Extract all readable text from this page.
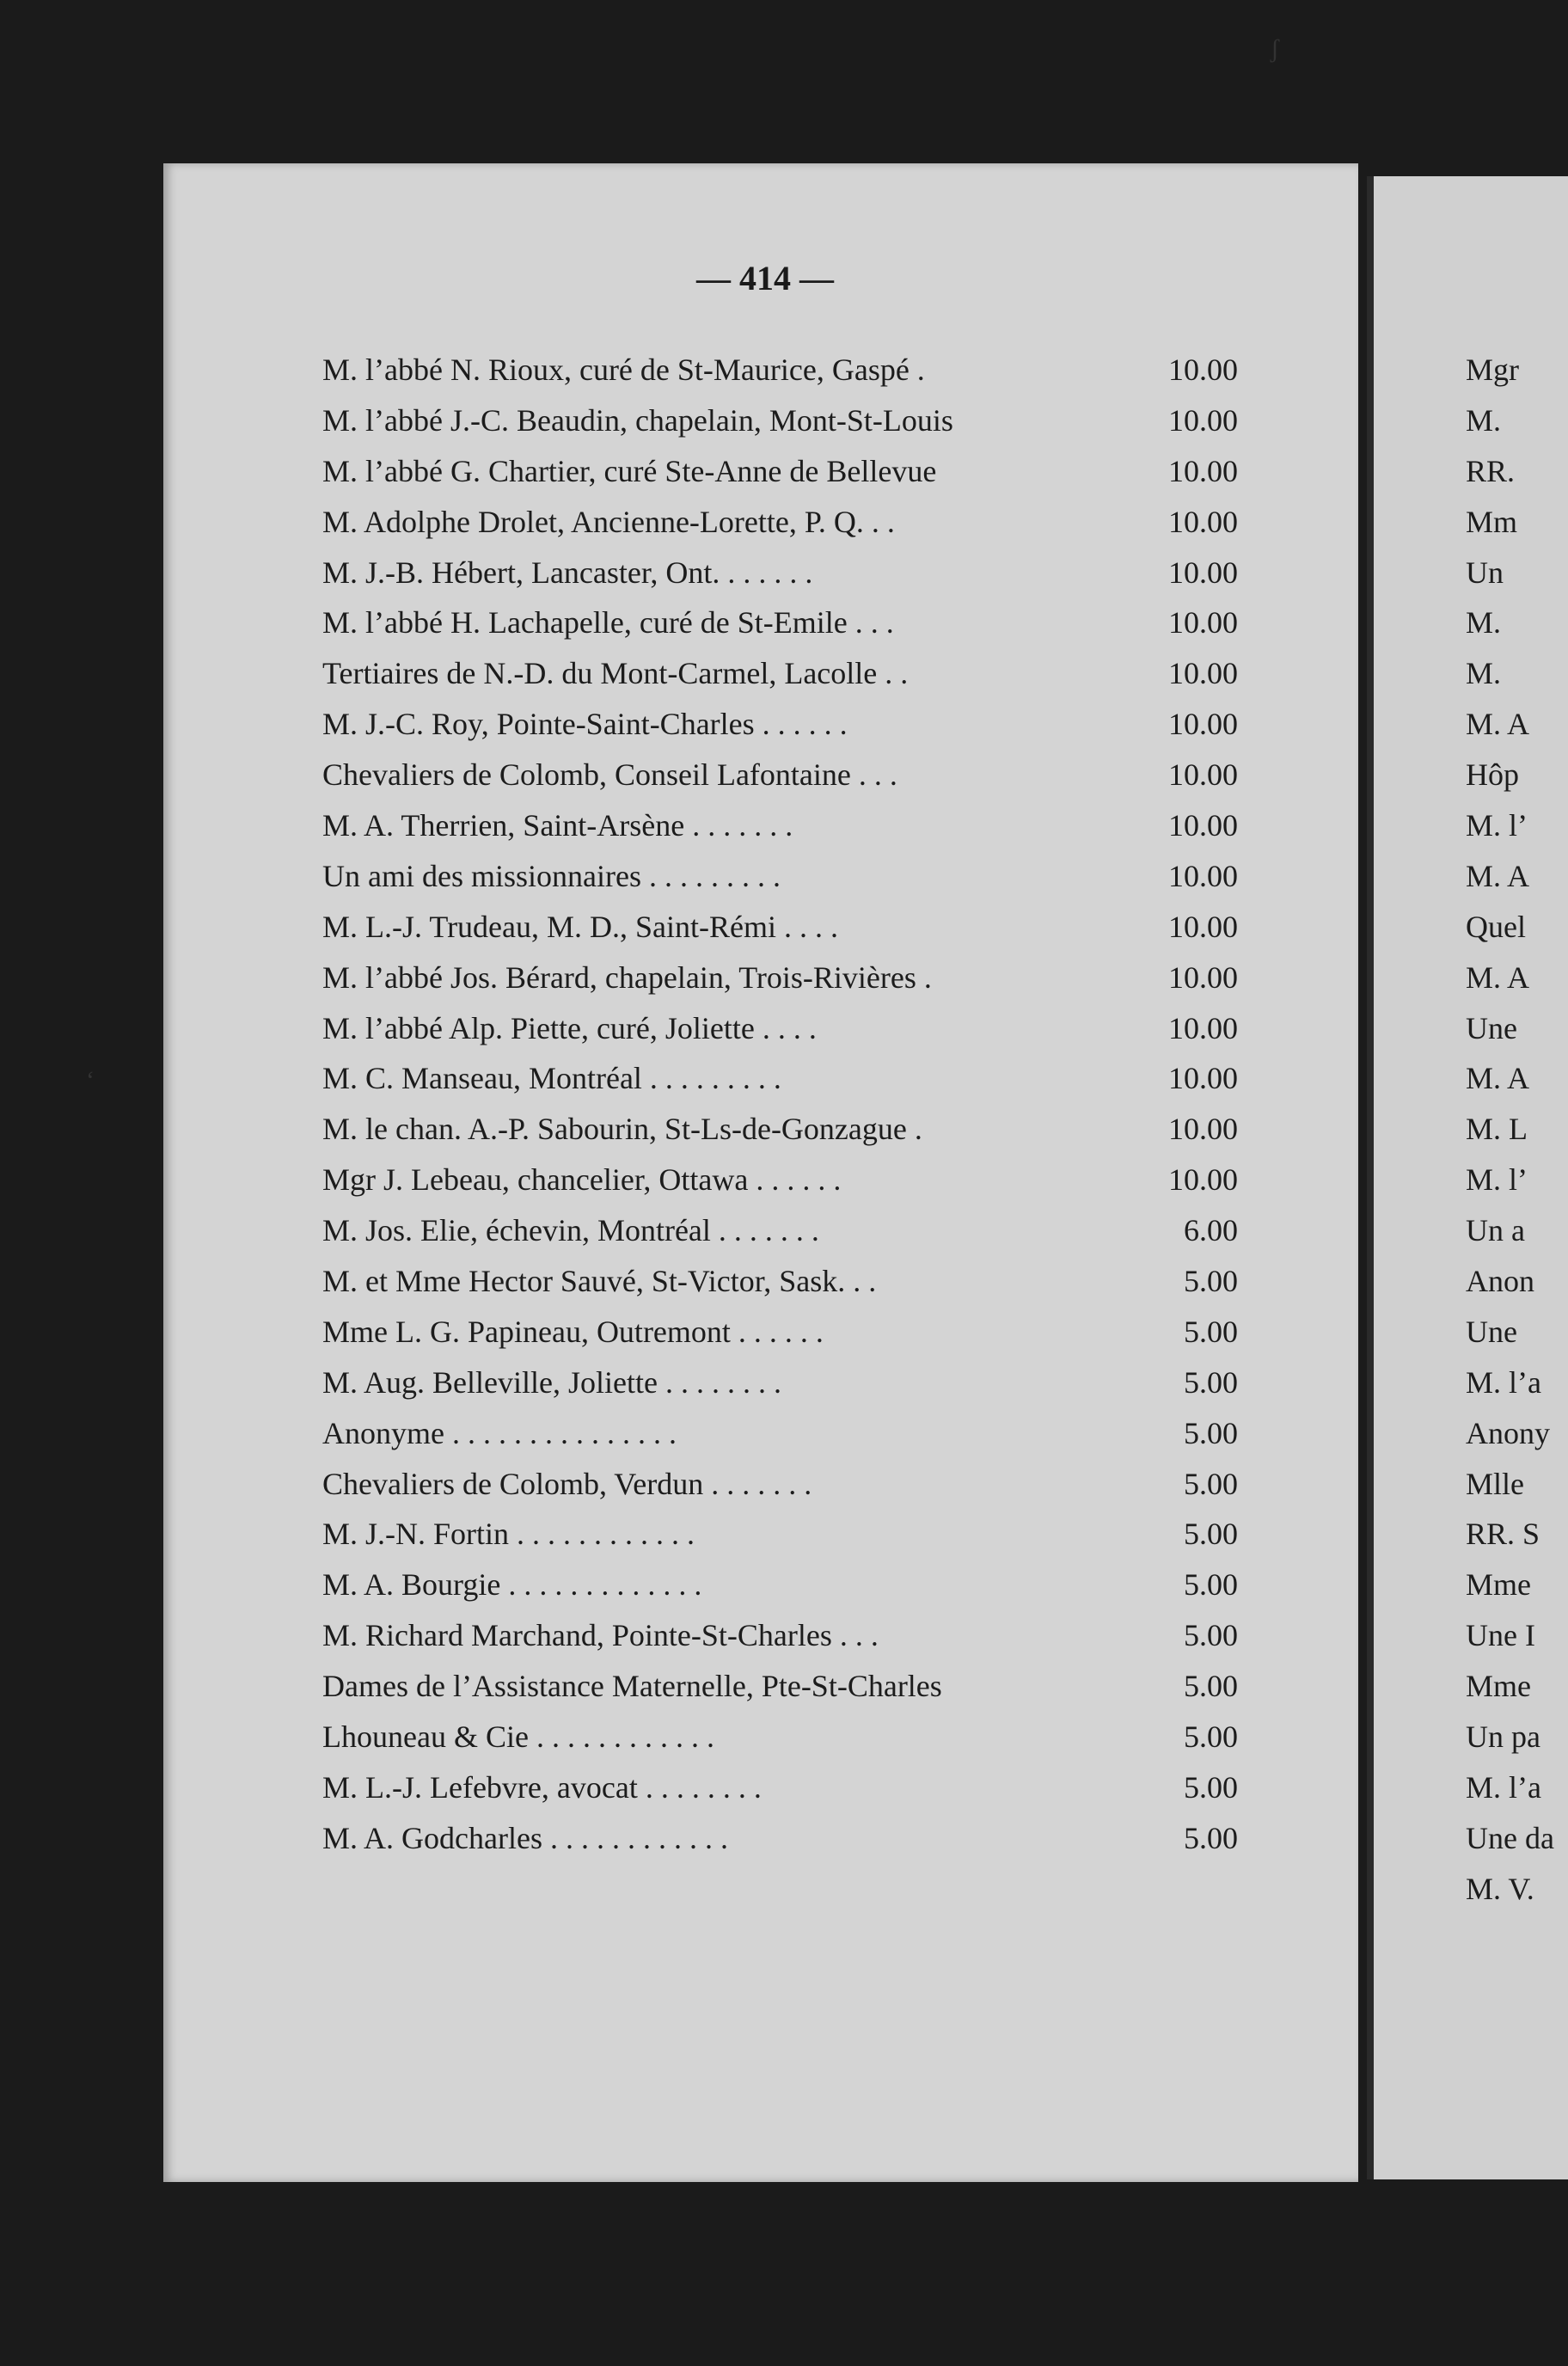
— 414 —
M. l’abbé N. Rioux, curé de St-Maurice, Gaspé .	10.00
M. l’abbé J.-C. Beaudin, chapelain, Mont-St-Louis	10.00
M. l’abbé G. Chartier, curé Ste-Anne de Bellevue	10.00
M. Adolphe Drolet, Ancienne-Lorette, P. Q. . .	10.00
M. J.-B. Hébert, Lancaster, Ont. . . . . . .	10.00
M. l’abbé H. Lachapelle, curé de St-Emile . . .	10.00
Tertiaires de N.-D. du Mont-Carmel, Lacolle . .	10.00
M. J.-C. Roy, Pointe-Saint-Charles . . . . . .	10.00
Chevaliers de Colomb, Conseil Lafontaine . . .	10.00
M. A. Therrien, Saint-Arsène . . . . . . .	10.00
Un ami des missionnaires . . . . . . . . .	10.00
M. L.-J. Trudeau, M. D., Saint-Rémi . . . .	10.00
M. l’abbé Jos. Bérard, chapelain, Trois-Rivières .	10.00
M. l’abbé Alp. Piette, curé, Joliette . . . .	10.00
M. C. Manseau, Montréal . . . . . . . . .	10.00
M. le chan. A.-P. Sabourin, St-Ls-de-Gonzague .	10.00
Mgr J. Lebeau, chancelier, Ottawa . . . . . .	10.00
M. Jos. Elie, échevin, Montréal . . . . . . .	6.00
M. et Mme Hector Sauvé, St-Victor, Sask. . .	5.00
Mme L. G. Papineau, Outremont . . . . . .	5.00
M. Aug. Belleville, Joliette . . . . . . . .	5.00
Anonyme . . . . . . . . . . . . . . .	5.00
Chevaliers de Colomb, Verdun . . . . . . .	5.00
M. J.-N. Fortin . . . . . . . . . . . .	5.00
M. A. Bourgie . . . . . . . . . . . . .	5.00
M. Richard Marchand, Pointe-St-Charles . . .	5.00
Dames de l’Assistance Maternelle, Pte-St-Charles	5.00
Lhouneau & Cie . . . . . . . . . . . .	5.00
M. L.-J. Lefebvre, avocat . . . . . . . .	5.00
M. A. Godcharles . . . . . . . . . . . .	5.00
Mgr
M.
RR.
Mm
Un
M.
M.
M. A
Hôp
M. l’
M. A
Quel
M. A
Une
M. A
M. L
M. l’
Un a
Anon
Une
M. l’a
Anony
Mlle
RR. S
Mme
Une I
Mme
Un pa
M. l’a
Une da
M. V.
ʃ
ʻ
